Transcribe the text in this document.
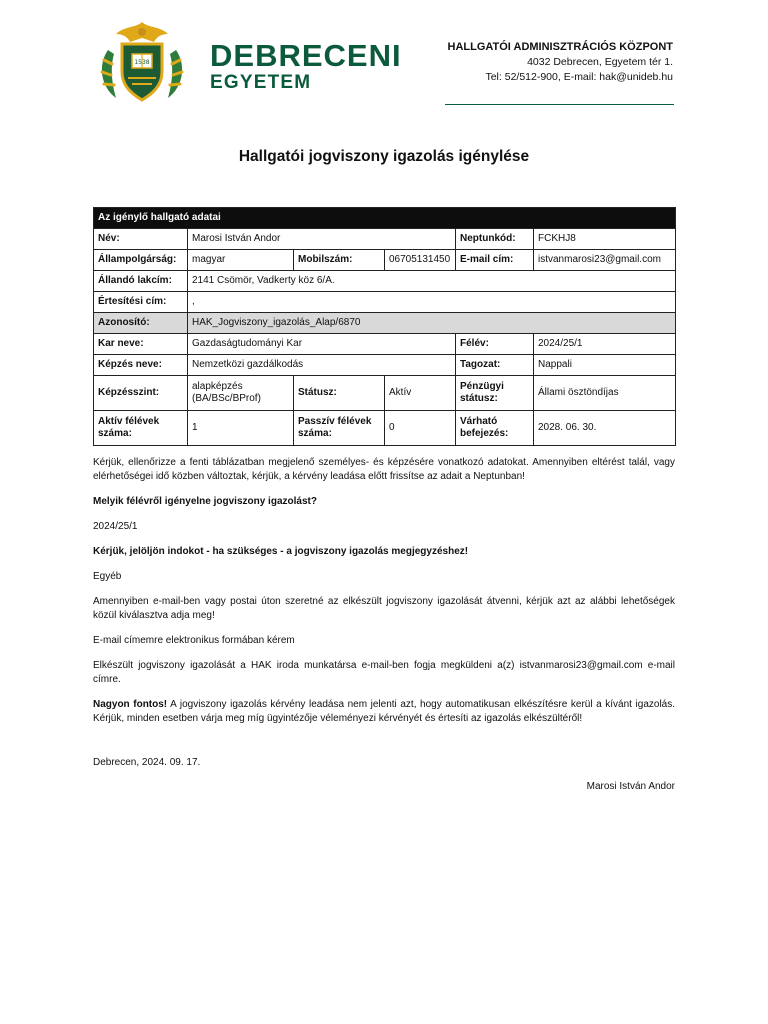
1538 DEBRECENI
EGYETEM
HALLGATÓI ADMINISZTRÁCIÓS KÖZPONT
4032 Debrecen, Egyetem tér 1.
Tel: 52/512-900, E-mail: hak@unideb.hu
Hallgatói jogviszony igazolás igénylése
Az igénylő hallgató adatai					
Név:	Marosi István Andor			Neptunkód:	FCKHJ8
Állampolgárság:	magyar	Mobilszám:	06705131450	E-mail cím:	istvanmarosi23@gmail.com
Állandó lakcím:	2141 Csömör, Vadkerty köz 6/A.				
Értesítési cím:	,				
Azonosító:	HAK_Jogviszony_igazolás_Alap/6870				
Kar neve:	Gazdaságtudományi Kar			Félév:	2024/25/1
Képzés neve:	Nemzetközi gazdálkodás			Tagozat:	Nappali
Képzésszint:	alapképzés (BA/BSc/BProf)	Státusz:	Aktív	Pénzügyi státusz:	Állami ösztöndíjas
Aktív félévek száma:	1	Passzív félévek száma:	0	Várható befejezés:	2028. 06. 30.

Kérjük, ellenőrizze a fenti táblázatban megjelenő személyes- és képzésére vonatkozó adatokat. Amennyiben eltérést talál, vagy elérhetőségei idő közben változtak, kérjük, a kérvény leadása előtt frissítse az adait a Neptunban!

Melyik félévről igényelne jogviszony igazolást?

2024/25/1

Kérjük, jelöljön indokot - ha szükséges - a jogviszony igazolás megjegyzéshez!

Egyéb

Amennyiben e-mail-ben vagy postai úton szeretné az elkészült jogviszony igazolását átvenni, kérjük azt az alábbi lehetőségek közül kiválasztva adja meg!

E-mail címemre elektronikus formában kérem

Elkészült jogviszony igazolását a HAK iroda munkatársa e-mail-ben fogja megküldeni a(z) istvanmarosi23@gmail.com e-mail címre.

Nagyon fontos! A jogviszony igazolás kérvény leadása nem jelenti azt, hogy automatikusan elkészítésre kerül a kívánt igazolás. Kérjük, minden esetben várja meg míg ügyintézője véleményezi kérvényét és értesíti az igazolás elkészültéről!

Debrecen, 2024. 09. 17.
Marosi István Andor
